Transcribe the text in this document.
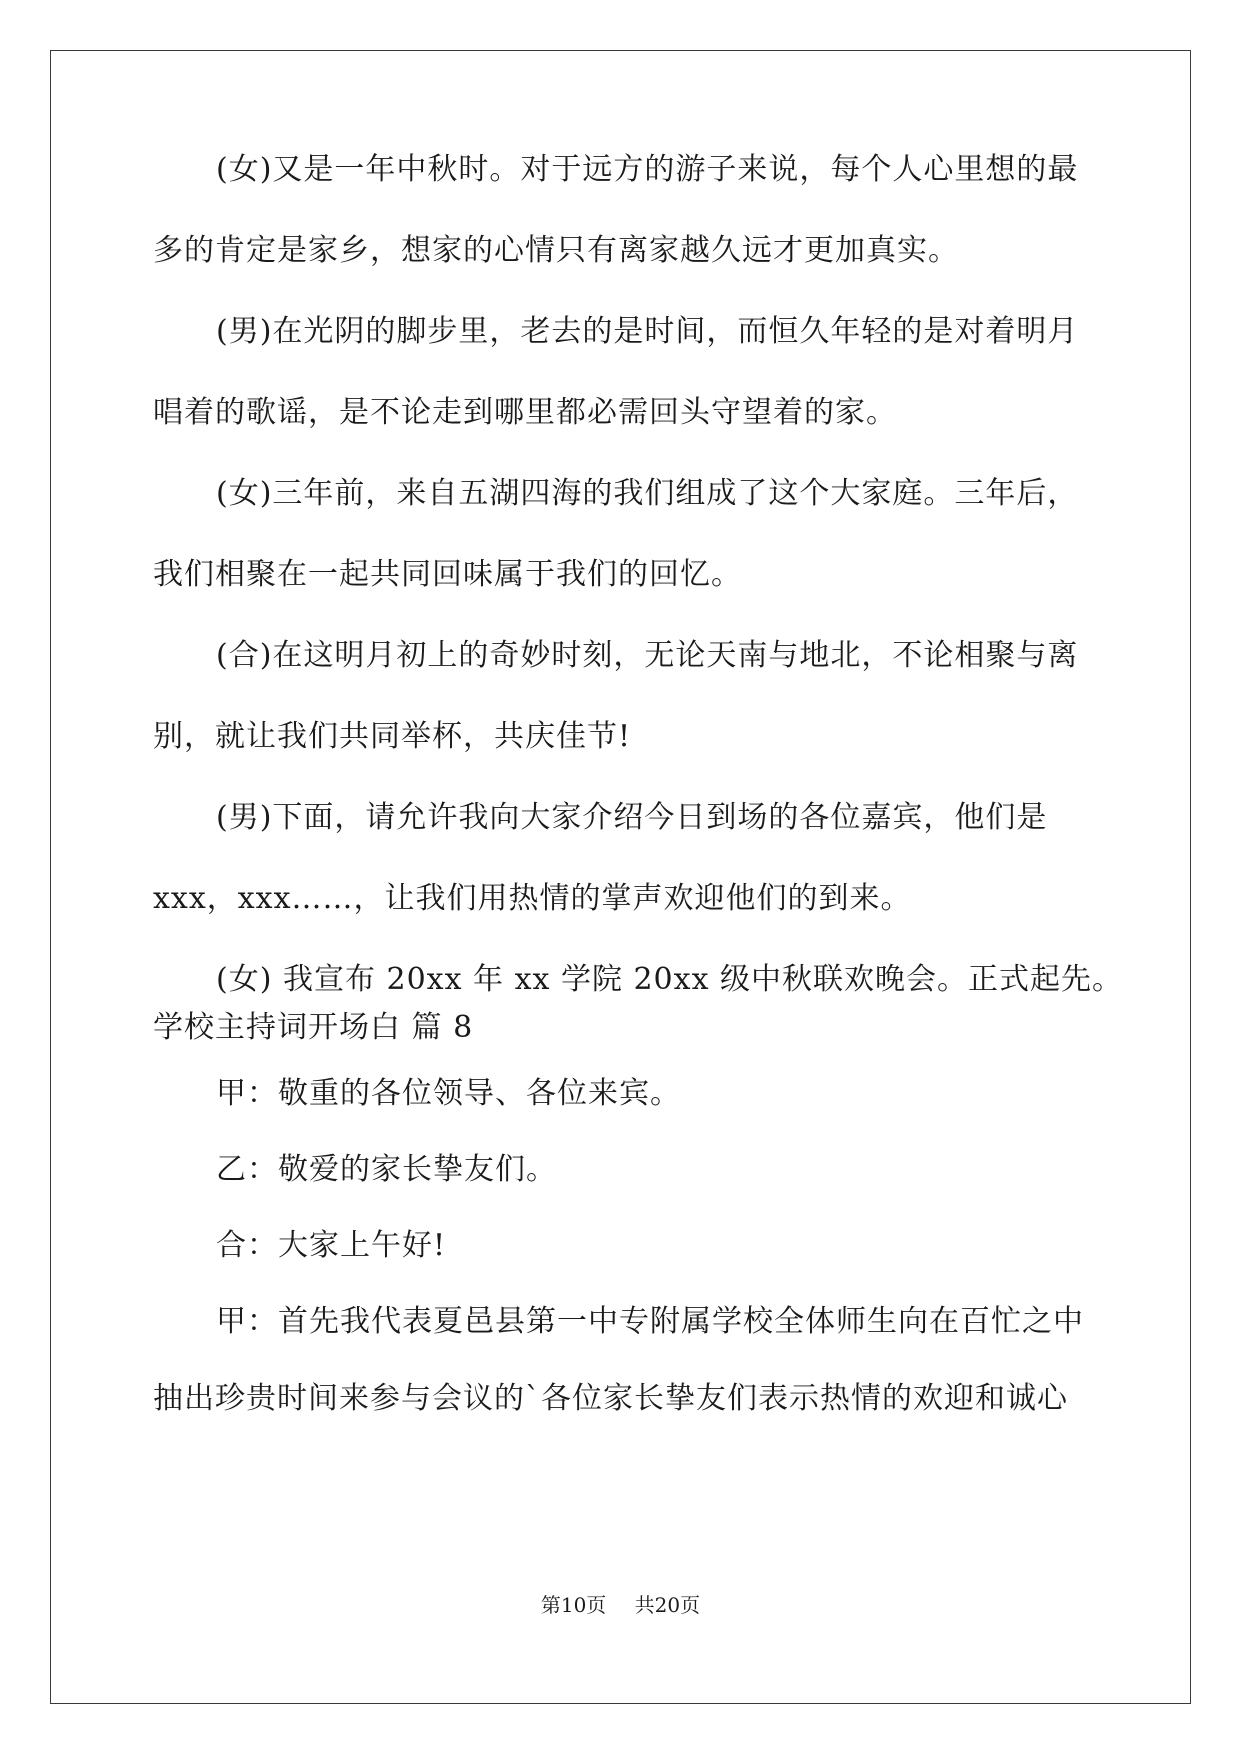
(女)又是一年中秋时。对于远方的游子来说，每个人心里想的最
多的肯定是家乡，想家的心情只有离家越久远才更加真实。
(男)在光阴的脚步里，老去的是时间，而恒久年轻的是对着明月
唱着的歌谣，是不论走到哪里都必需回头守望着的家。
(女)三年前，来自五湖四海的我们组成了这个大家庭。三年后，
我们相聚在一起共同回味属于我们的回忆。
(合)在这明月初上的奇妙时刻，无论天南与地北，不论相聚与离
别，就让我们共同举杯，共庆佳节!
(男)下面，请允许我向大家介绍今日到场的各位嘉宾，他们是
xxx，xxx……，让我们用热情的掌声欢迎他们的到来。
(女) 我宣布 20xx 年 xx 学院 20xx 级中秋联欢晚会。正式起先。
学校主持词开场白 篇 8
甲：敬重的各位领导、各位来宾。
乙：敬爱的家长挚友们。
合：大家上午好!
甲：首先我代表夏邑县第一中专附属学校全体师生向在百忙之中
抽出珍贵时间来参与会议的`各位家长挚友们表示热情的欢迎和诚心
第10页 共20页
